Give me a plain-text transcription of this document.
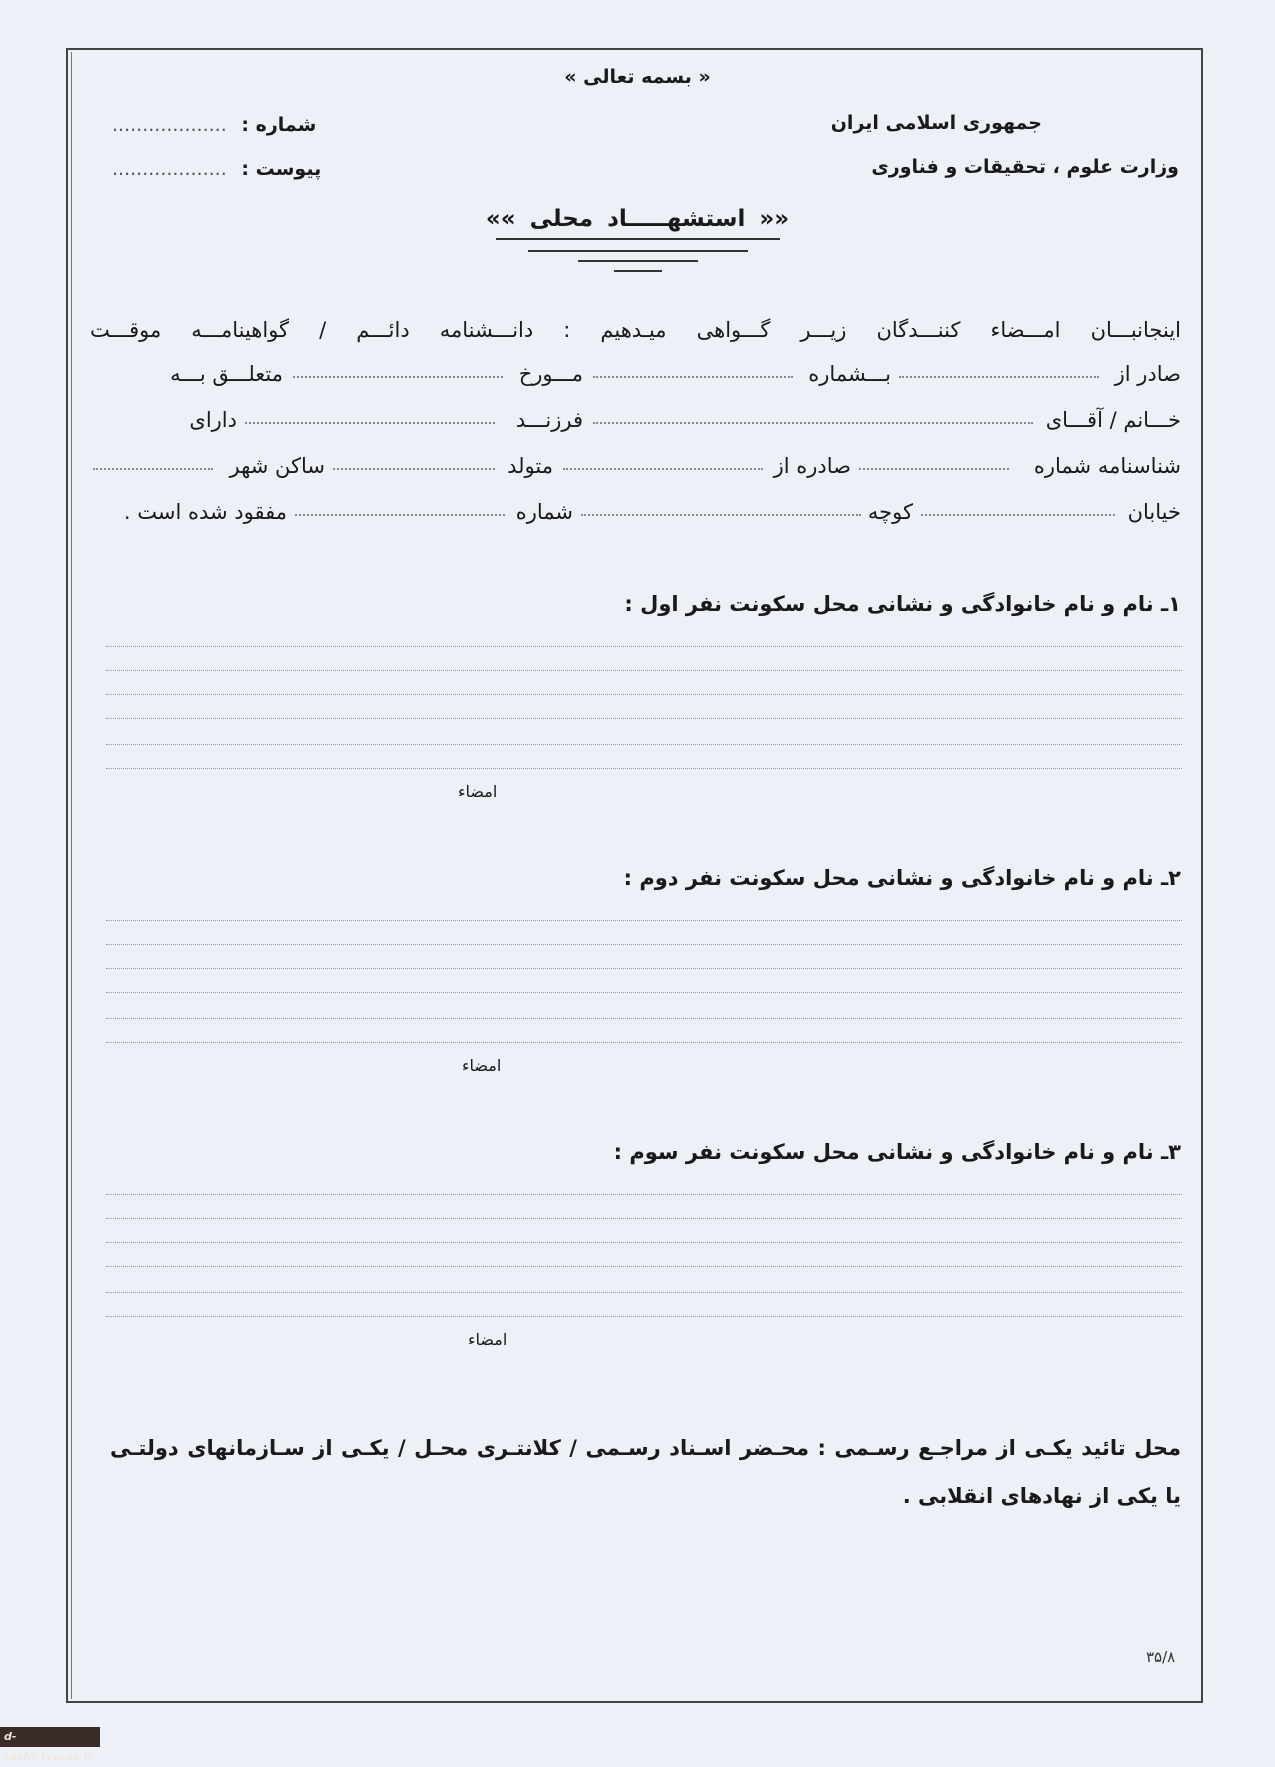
« بسمه تعالی »
جمهوری اسلامی ایران
وزارت علوم ، تحقیقات و فناوری
شماره : ...................
پیوست : ...................
«« استشهـــــاد محلی »»
اینجانبـــان امـــضاء کننـــدگان زیـــر گـــواهی میـدهیم : دانـــشنامه دائـــم / گواهینامـــه موقـــت
صادر از
بـــشماره
مـــورخ
متعلـــق بـــه
خـــانم / آقـــای
فرزنـــد
دارای
شناسنامه شماره
صادره از
متولد
ساکن شهر
خیابان
کوچه
شماره
مفقود شده است .
۱ـ نام و نام خانوادگی و نشانی محل سکونت نفر اول :
امضاء
۲ـ نام و نام خانوادگی و نشانی محل سکونت نفر دوم :
امضاء
۳ـ نام و نام خانوادگی و نشانی محل سکونت نفر سوم :
امضاء
محل تائید یکـی از مراجـع رسـمی : محـضر اسـناد رسـمی / کلانتـری محـل / یکـی از سـازمانهای دولتـی
یا یکی از نهادهای انقلابی .
۳۵/۸
d-rasht.tvu.ac.ir
